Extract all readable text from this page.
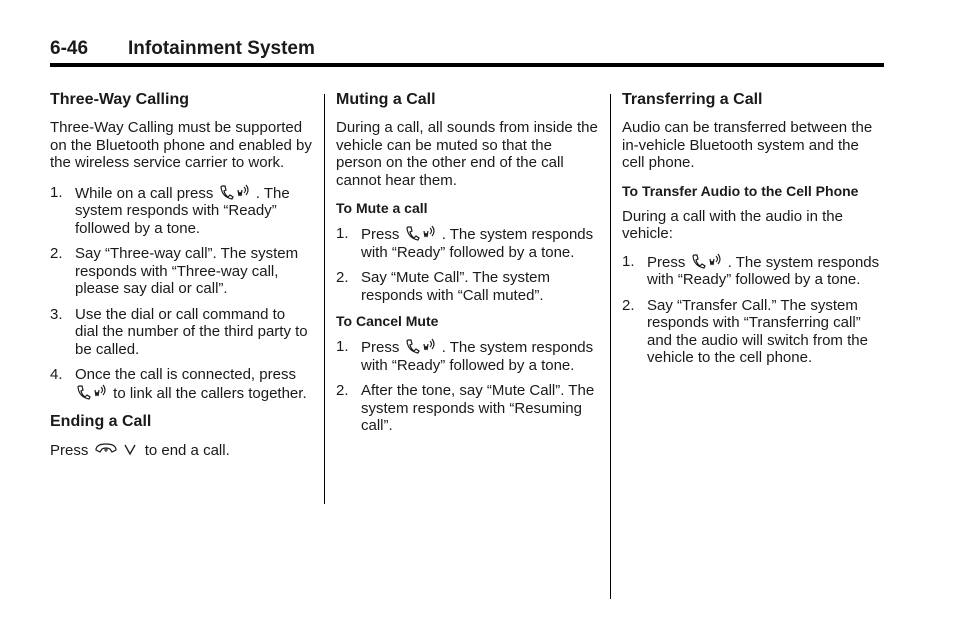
6-46 Infotainment System
Three-Way Calling

Three-Way Calling must be supported on the Bluetooth phone and enabled by the wireless service carrier to work.

1. While on a call press	. The system responds with “Ready” followed by a tone.
2. Say “Three-way call”. The system responds with “Three-way call, please say dial or call”.
3. Use the dial or call command to dial the number of the third party to be called.
4. Once the call is connected, press
to link all the callers together.
Ending a Call

Press	to end a call.

Muting a Call

During a call, all sounds from inside the vehicle can be muted so that the person on the other end of the call cannot hear them.

To Mute a call
1. Press	. The system responds with “Ready” followed by a tone.
2. Say “Mute Call”. The system responds with “Call muted”.
To Cancel Mute
1. Press	. The system responds with “Ready” followed by a tone.
2. After the tone, say “Mute Call”. The system responds with “Resuming call”.
Transferring a Call

Audio can be transferred between the in-vehicle Bluetooth system and the cell phone.

To Transfer Audio to the Cell Phone

During a call with the audio in the vehicle:

1. Press	. The system responds with “Ready” followed by a tone.
2. Say “Transfer Call.” The system responds with “Transferring call” and the audio will switch from the vehicle to the cell phone.
